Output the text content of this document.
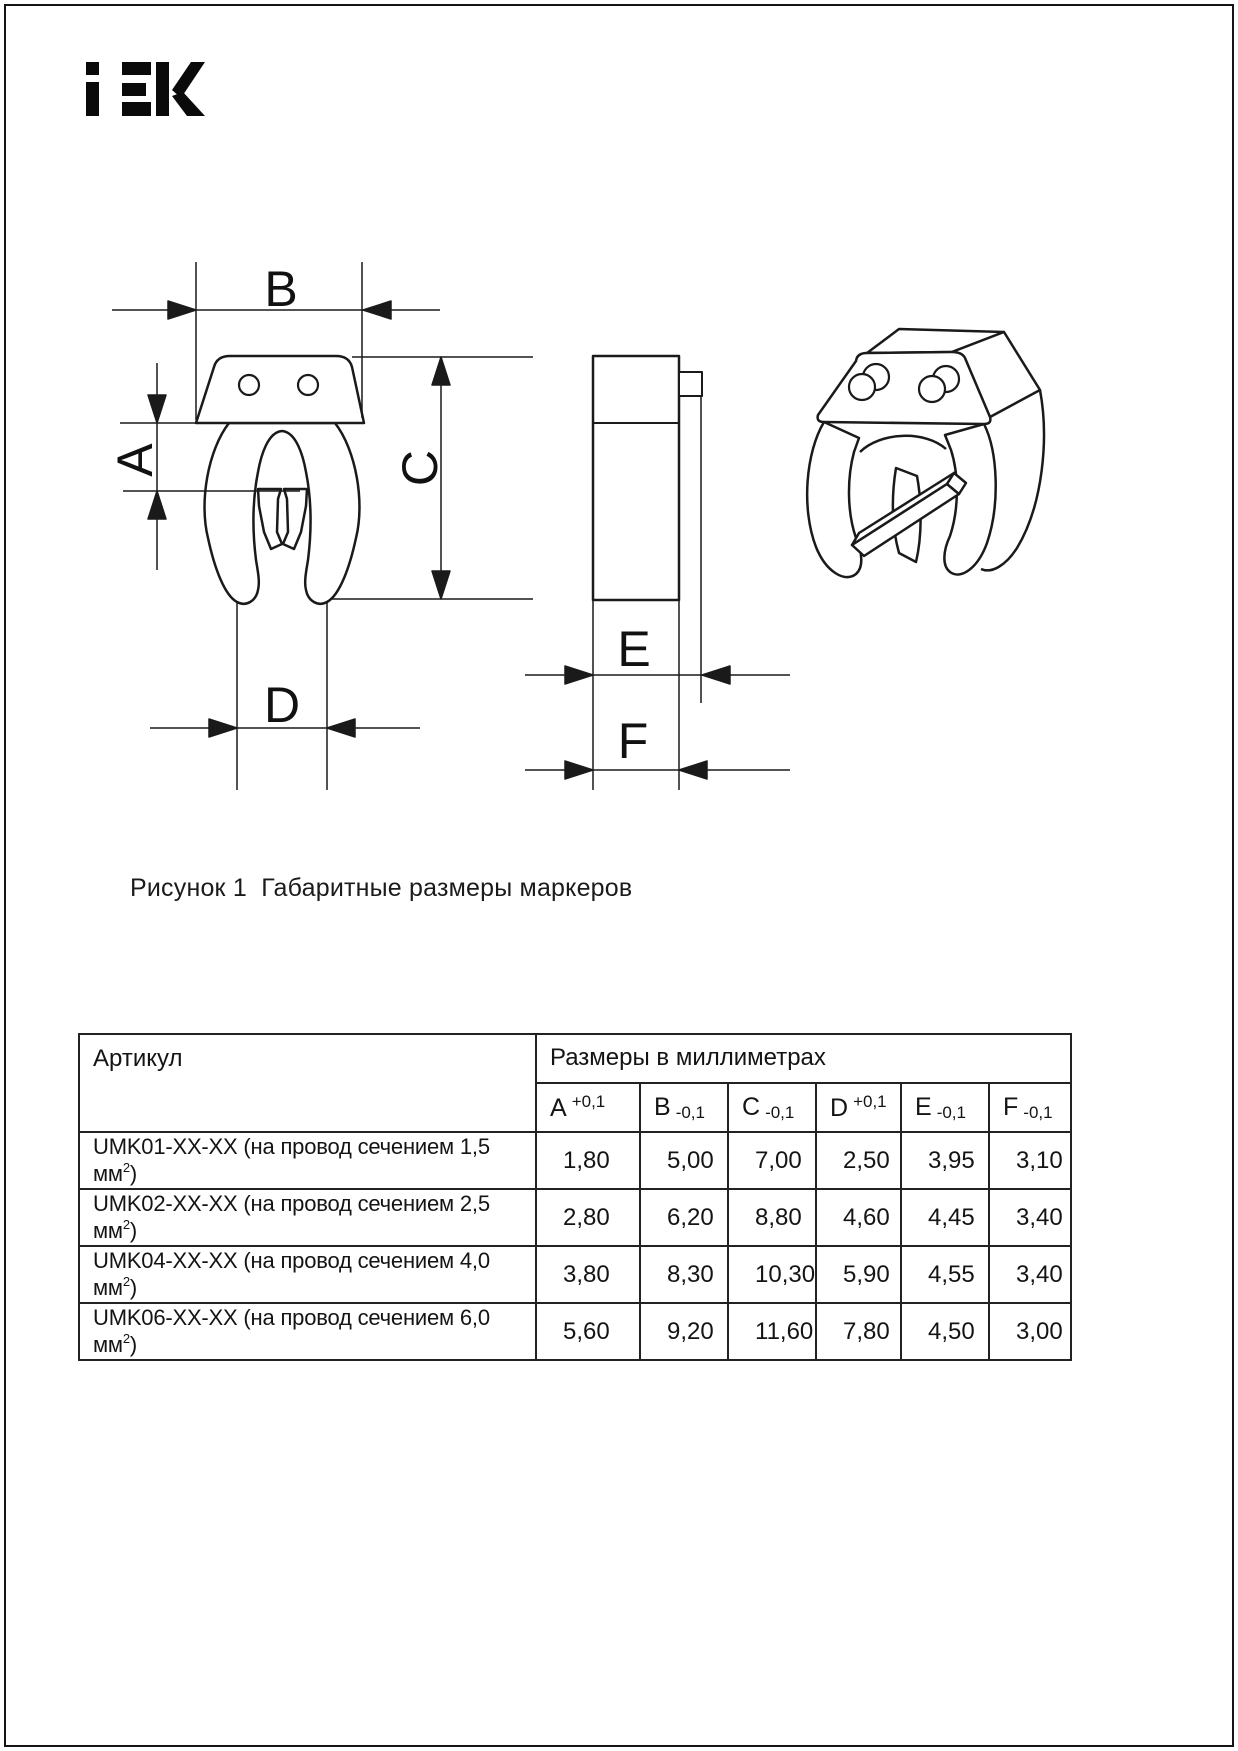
B
A	C
D
E
F
Рисунок 1  Габаритные размеры маркеров
Артикул	Размеры в миллиметрах					
	A $^{+0,1}$	B -0,1	C -0,1	D $^{+0,1}$	E -0,1	F -0,1
UMK01-XX-XX (на провод сечением 1,5 $мм^2$)	1,80	5,00	7,00	2,50	3,95	3,10
UMK02-XX-XX (на провод сечением 2,5 $мм^2$)	2,80	6,20	8,80	4,60	4,45	3,40
UMK04-XX-XX (на провод сечением 4,0 $мм^2$)	3,80	8,30	10,30	5,90	4,55	3,40
UMK06-XX-XX (на провод сечением 6,0 $мм^2$)	5,60	9,20	11,60	7,80	4,50	3,00
